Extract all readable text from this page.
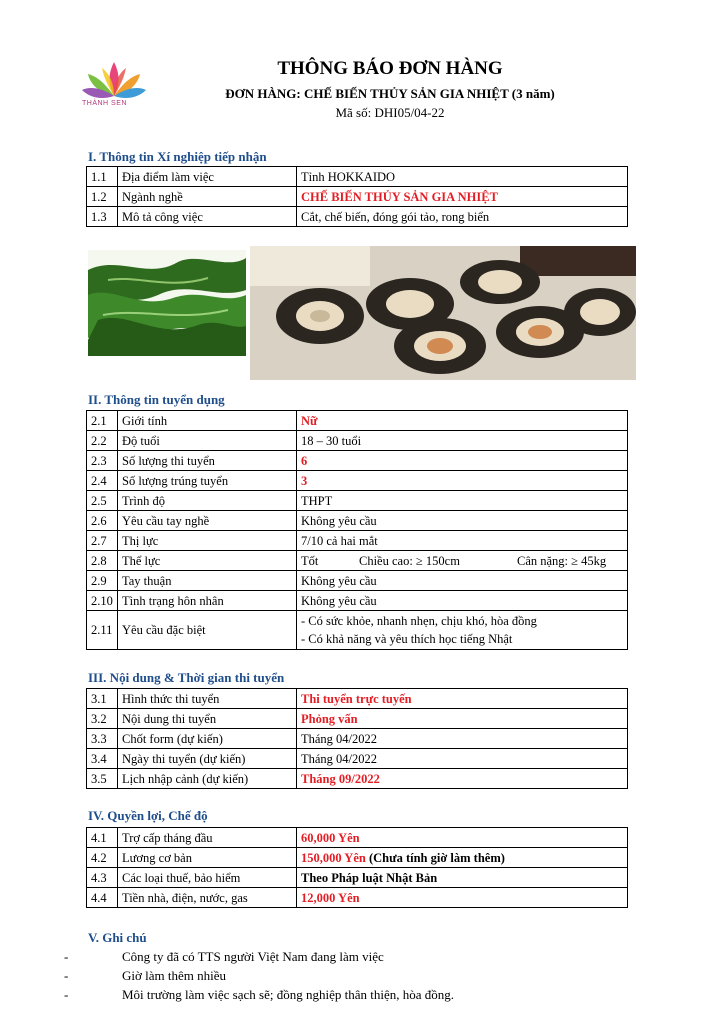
THÀNH SEN
THÔNG BÁO ĐƠN HÀNG
ĐƠN HÀNG: CHẾ BIẾN THỦY SẢN GIA NHIỆT (3 năm)
Mã số: DHI05/04-22
I. Thông tin Xí nghiệp tiếp nhận
1.1	Địa điểm làm việc	Tỉnh HOKKAIDO
1.2	Ngành nghề	CHẾ BIẾN THỦY SẢN GIA NHIỆT
1.3	Mô tả công việc	Cắt, chế biến, đóng gói tảo, rong biển
II. Thông tin tuyển dụng
2.1	Giới tính	Nữ
2.2	Độ tuổi	18 – 30 tuổi
2.3	Số lượng thi tuyển	6
2.4	Số lượng trúng tuyển	3
2.5	Trình độ	THPT
2.6	Yêu cầu tay nghề	Không yêu cầu
2.7	Thị lực	7/10 cả hai mắt
2.8	Thể lực	Tốt Chiều cao: ≥ 150cm Cân nặng: ≥ 45kg
2.9	Tay thuận	Không yêu cầu
2.10	Tình trạng hôn nhân	Không yêu cầu
2.11	Yêu cầu đặc biệt	- Có sức khỏe, nhanh nhẹn, chịu khó, hòa đồng
- Có khả năng và yêu thích học tiếng Nhật
III. Nội dung & Thời gian thi tuyển
3.1	Hình thức thi tuyển	Thi tuyển trực tuyến
3.2	Nội dung thi tuyển	Phỏng vấn
3.3	Chốt form (dự kiến)	Tháng 04/2022
3.4	Ngày thi tuyển (dự kiến)	Tháng 04/2022
3.5	Lịch nhập cảnh (dự kiến)	Tháng 09/2022
IV. Quyền lợi, Chế độ
4.1	Trợ cấp tháng đầu	60,000 Yên
4.2	Lương cơ bản	150,000 Yên (Chưa tính giờ làm thêm)
4.3	Các loại thuế, bảo hiểm	Theo Pháp luật Nhật Bản
4.4	Tiền nhà, điện, nước, gas	12,000 Yên
V. Ghi chú
-	Công ty đã có TTS người Việt Nam đang làm việc
-	Giờ làm thêm nhiều
-	Môi trường làm việc sạch sẽ; đồng nghiệp thân thiện, hòa đồng.
